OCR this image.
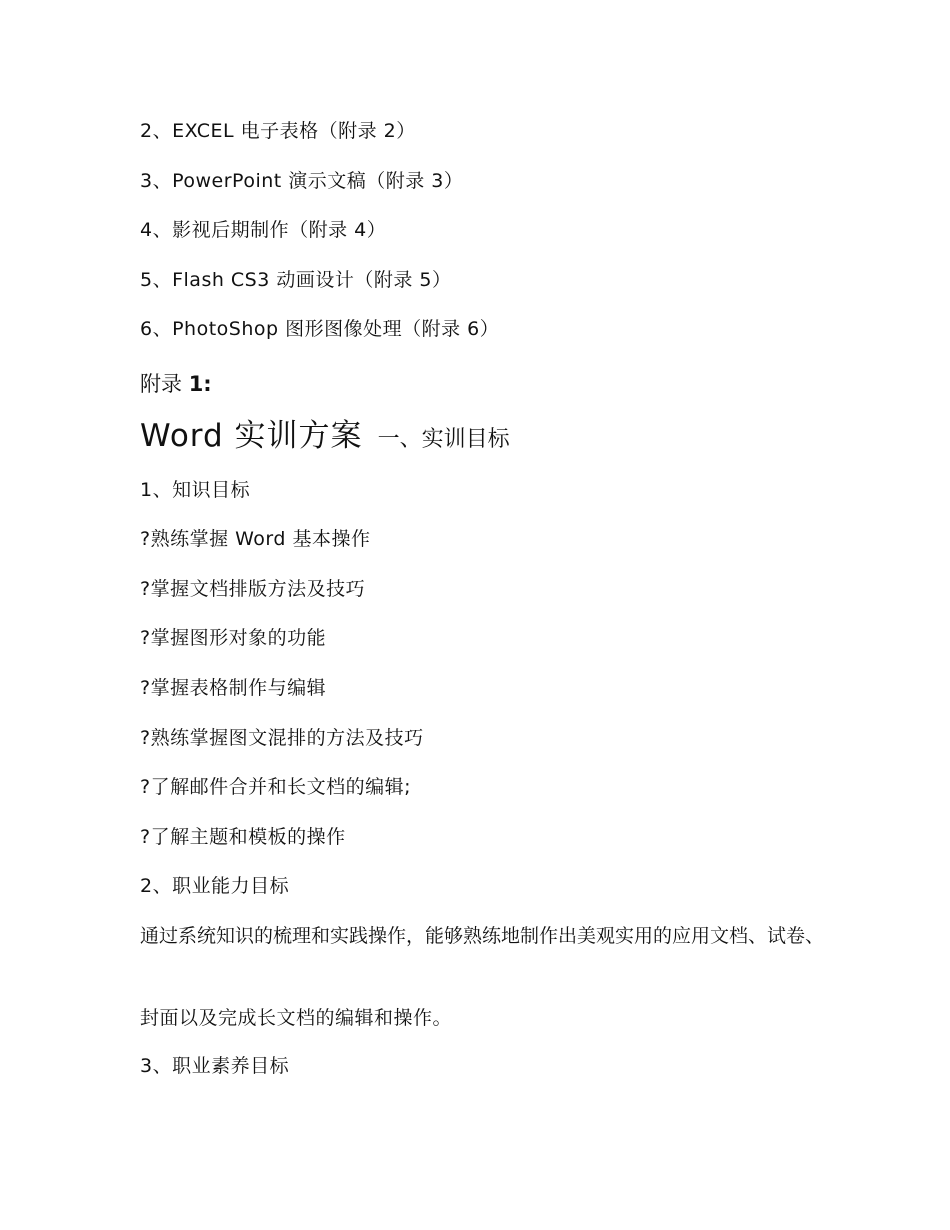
2、EXCEL 电子表格（附录 2）
3、PowerPoint 演示文稿（附录 3）
4、影视后期制作（附录 4）
5、Flash CS3 动画设计（附录 5）
6、PhotoShop 图形图像处理（附录 6）
附录 1:
Word 实训方案 一、实训目标
1、知识目标
?熟练掌握 Word 基本操作
?掌握文档排版方法及技巧
?掌握图形对象的功能
?掌握表格制作与编辑
?熟练掌握图文混排的方法及技巧
?了解邮件合并和长文档的编辑;
?了解主题和模板的操作
2、职业能力目标
通过系统知识的梳理和实践操作，能够熟练地制作出美观实用的应用文档、试卷、
封面以及完成长文档的编辑和操作。
3、职业素养目标
